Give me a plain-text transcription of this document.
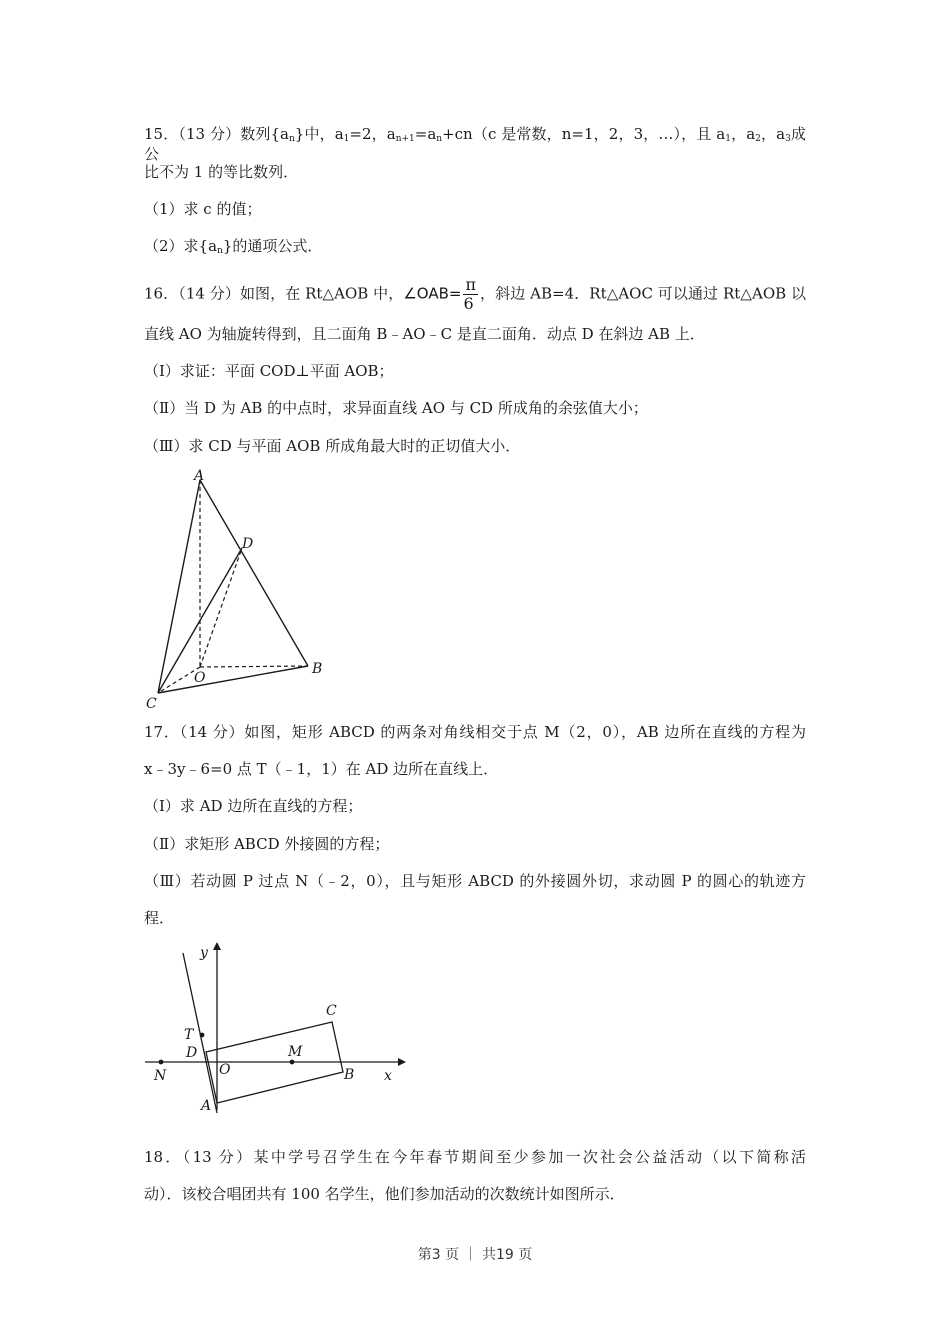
15．（13 分）数列$\{a_n\}$中，$a_1=2$，$a_{n+1}=a_n+cn(c$ 是常数，n=1，2，3，…），且 $a_1$，$a_2$，$a_3$成公
比不为 1 的等比数列．
（1）求 c 的值；
（2）求$\{a_n\}$的通项公式．
16．（14 分）如图，在 Rt△AOB 中，∠OAB= $\frac{\pi}{6}$ ，斜边 AB=4．Rt△AOC 可以通过 Rt△AOB 以
直线 AO 为轴旋转得到，且二面角 B﹣AO﹣C 是直二面角．动点 D 在斜边 AB 上．
（Ⅰ）求证：平面 COD⊥平面 AOB；
（Ⅱ）当 D 为 AB 的中点时，求异面直线 AO 与 CD 所成角的余弦值大小；
（Ⅲ）求 CD 与平面 AOB 所成角最大时的正切值大小．
A
D
O
B
C
17．（14 分）如图，矩形 ABCD 的两条对角线相交于点 M（2，0），AB 边所在直线的方程为
x﹣3y﹣6=0 点 T（﹣1，1）在 AD 边所在直线上．
（Ⅰ）求 AD 边所在直线的方程；
（Ⅱ）求矩形 ABCD 外接圆的方程；
（Ⅲ）若动圆 P 过点 N（﹣2，0），且与矩形 ABCD 的外接圆外切，求动圆 P 的圆心的轨迹方
程．
y
x
T
D
N	O
M
C
B
A
18．（13 分）某中学号召学生在今年春节期间至少参加一次社会公益活动（以下简称活
动）．该校合唱团共有 100 名学生，他们参加活动的次数统计如图所示．
第3 页 ｜ 共19 页
